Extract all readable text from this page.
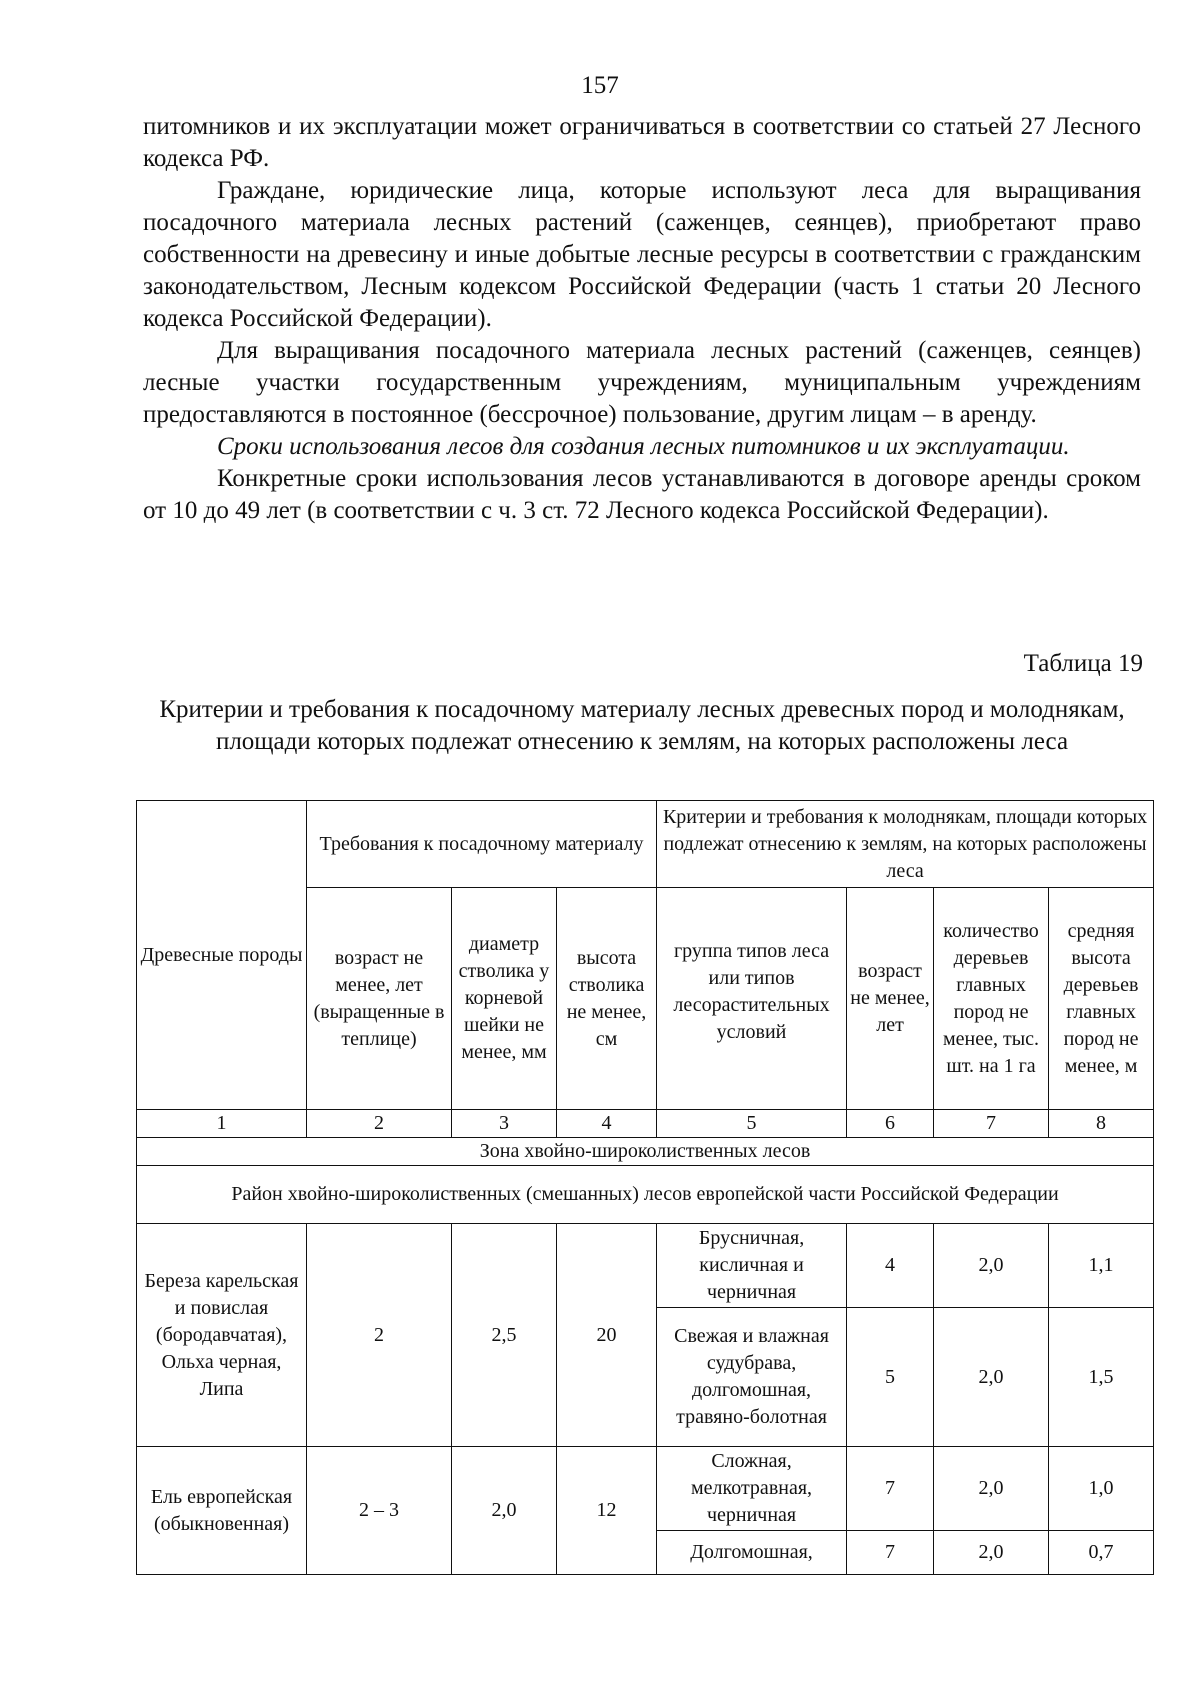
157

питомников и их эксплуатации может ограничиваться в соответствии со статьей 27 Лесного кодекса РФ.

Граждане, юридические лица, которые используют леса для выращивания посадочного материала лесных растений (саженцев, сеянцев), приобретают право собственности на древесину и иные добытые лесные ресурсы в соответствии с гражданским законодательством, Лесным кодексом Российской Федерации (часть 1 статьи 20 Лесного кодекса Российской Федерации).

Для выращивания посадочного материала лесных растений (саженцев, сеянцев) лесные участки государственным учреждениям, муниципальным учреждениям предоставляются в постоянное (бессрочное) пользование, другим лицам – в аренду.

Сроки использования лесов для создания лесных питомников и их эксплуатации.

Конкретные сроки использования лесов устанавливаются в договоре аренды сроком от 10 до 49 лет (в соответствии с ч. 3 ст. 72 Лесного кодекса Российской Федерации).

Таблица 19
Критерии и требования к посадочному материалу лесных древесных пород и молоднякам, площади которых подлежат отнесению к землям, на которых расположены леса
Древесные породы	Требования к посадочному материалу			Критерии и требования к молоднякам, площади которых подлежат отнесению к землям, на которых расположены леса			
	возраст не менее, лет (выращенные в теплице)	диаметр стволика у корневой шейки не менее, мм	высота стволика не менее, см	группа типов леса или типов лесорастительных условий	возраст не менее, лет	количество деревьев главных пород не менее, тыс. шт. на 1 га	средняя высота деревьев главных пород не менее, м
1	2	3	4	5	6	7	8
Зона хвойно-широколиственных лесов							
Район хвойно-широколиственных (смешанных) лесов европейской части Российской Федерации							
Береза карельская и повислая (бородавчатая), Ольха черная, Липа	2	2,5	20	Брусничная, кисличная и черничная	4	2,0	1,1
				Свежая и влажная судубрава, долгомошная, травяно-болотная	5	2,0	1,5
Ель европейская (обыкновенная)	2 – 3	2,0	12	Сложная, мелкотравная, черничная	7	2,0	1,0
				Долгомошная,	7	2,0	0,7
